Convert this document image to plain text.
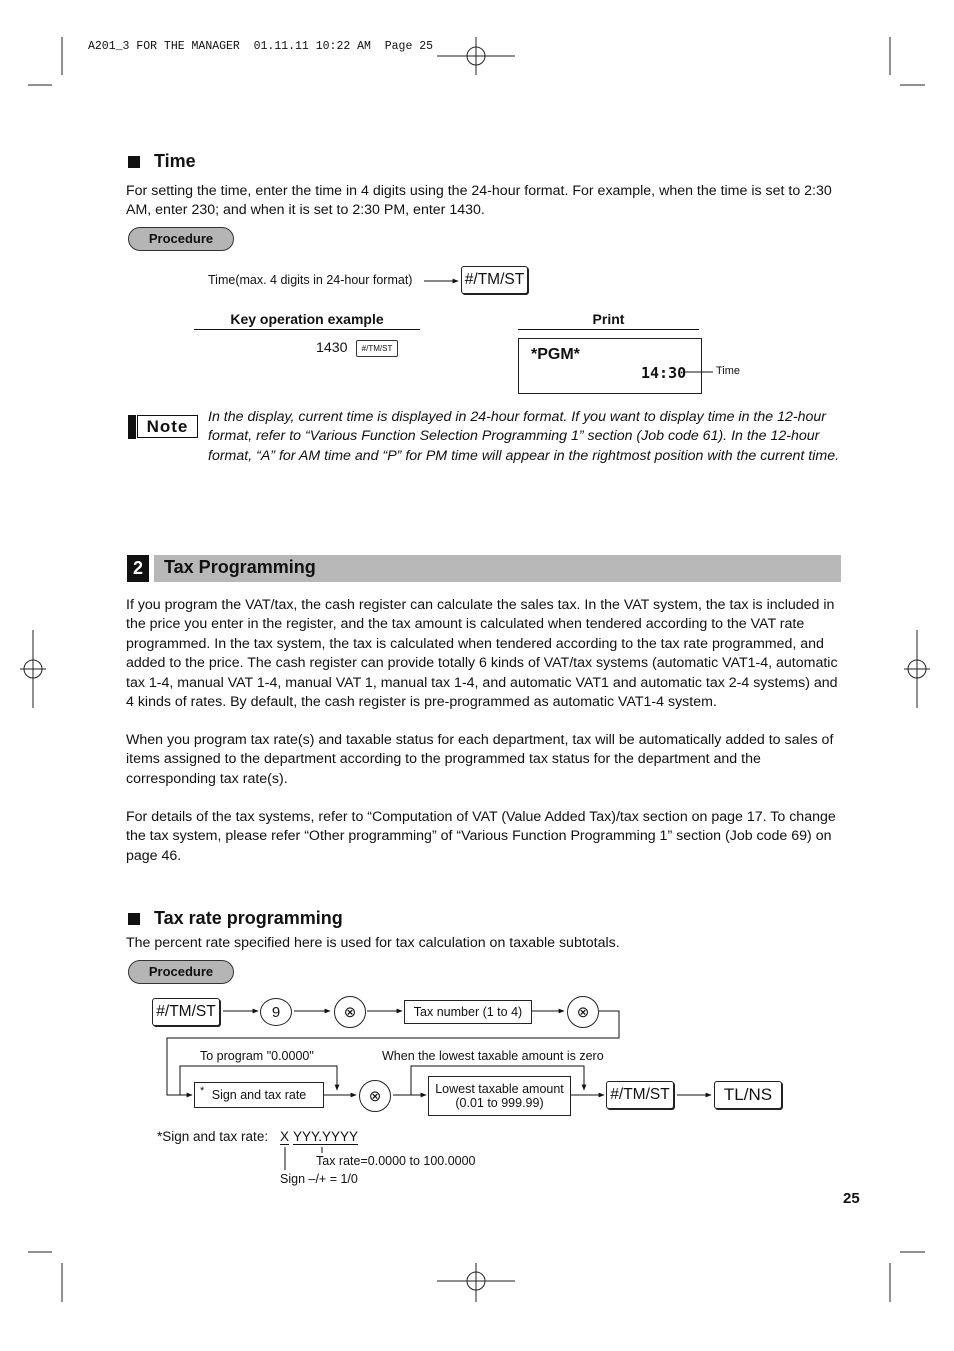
A201_3 FOR THE MANAGER  01.11.11 10:22 AM  Page 25
Time
For setting the time, enter the time in 4 digits using the 24-hour format. For example, when the time is set to 2:30 AM, enter 230; and when it is set to 2:30 PM, enter 1430.
Procedure
Time(max. 4 digits in 24-hour format)	#/TM/ST
Key operation example	Print
1430	#/TM/ST	*PGM*
14:30	Time
Note	In the display, current time is displayed in 24-hour format. If you want to display time in the 12-hour format, refer to “Various Function Selection Programming 1” section (Job code 61). In the 12-hour format, “A” for AM time and “P” for PM time will appear in the rightmost position with the current time.
2	Tax Programming
If you program the VAT/tax, the cash register can calculate the sales tax. In the VAT system, the tax is included in the price you enter in the register, and the tax amount is calculated when tendered according to the VAT rate programmed. In the tax system, the tax is calculated when tendered according to the tax rate programmed, and added to the price. The cash register can provide totally 6 kinds of VAT/tax systems (automatic VAT1-4, automatic tax 1-4, manual VAT 1-4, manual VAT 1, manual tax 1-4, and automatic VAT1 and automatic tax 2-4 systems) and 4 kinds of rates. By default, the cash register is pre-programmed as automatic VAT1-4 system.
When you program tax rate(s) and taxable status for each department, tax will be automatically added to sales of items assigned to the department according to the programmed tax status for the department and the corresponding tax rate(s).
For details of the tax systems, refer to “Computation of VAT (Value Added Tax)/tax section on page 17. To change the tax system, please refer “Other programming” of “Various Function Programming 1” section (Job code 69) on page 46.
Tax rate programming
The percent rate specified here is used for tax calculation on taxable subtotals.
Procedure
#/TM/ST	9	⊗	Tax number (1 to 4)	⊗
To program "0.0000"	When the lowest taxable amount is zero
* Sign and tax rate	⊗	Lowest taxable amount
(0.01 to 999.99)	#/TM/ST	TL/NS
*Sign and tax rate: X YYY.YYYY
Tax rate=0.0000 to 100.0000
Sign –/+ = 1/0
25
